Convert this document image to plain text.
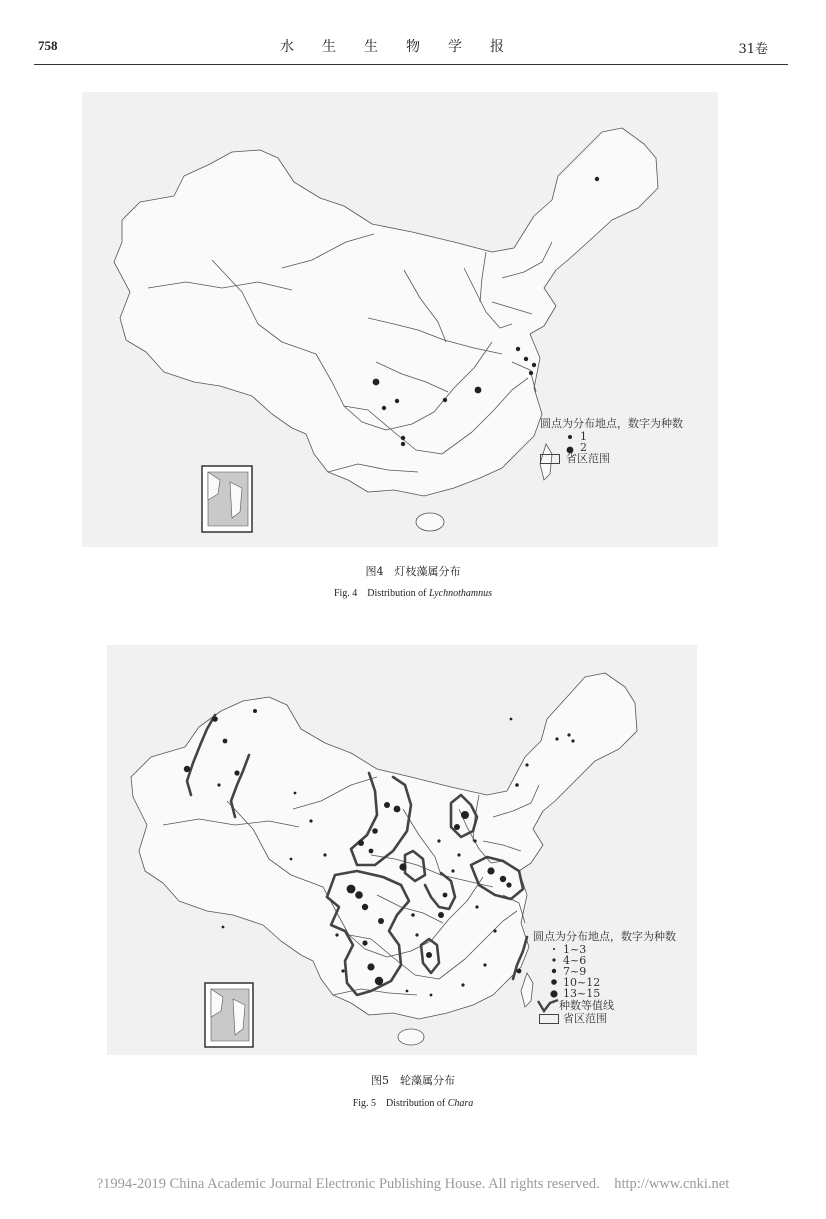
758	水生生物学报	31卷
圆点为分布地点，数字为种数
1
2
省区范围
图4　灯枝藻属分布
Fig. 4　Distribution of Lychnothamnus
圆点为分布地点，数字为种数
1~3
4~6
7~9
10~12
13~15
种数等值线
省区范围
图5　轮藻属分布
Fig. 5　Distribution of Chara
?1994-2019 China Academic Journal Electronic Publishing House. All rights reserved.　http://www.cnki.net
